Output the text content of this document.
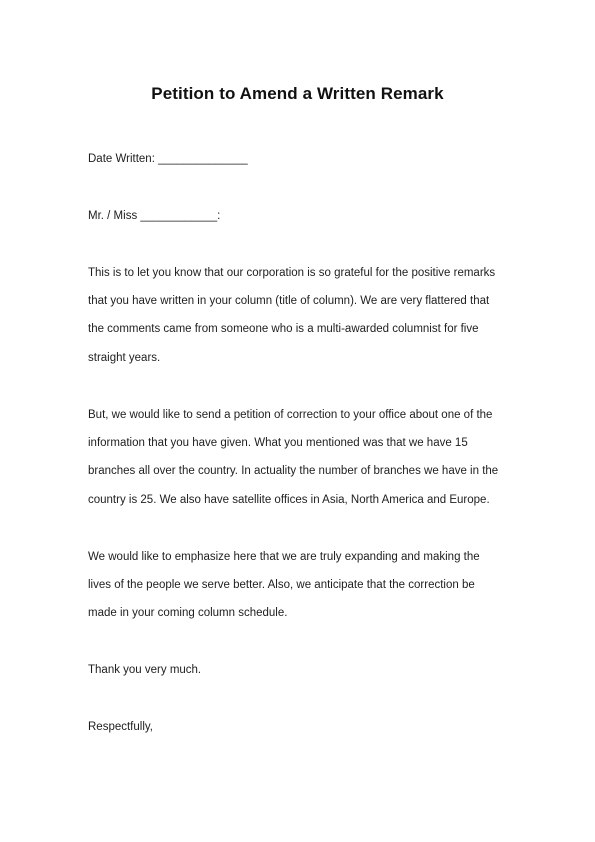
Petition to Amend a Written Remark
Date Written: ______________
Mr. / Miss ____________:
This is to let you know that our corporation is so grateful for the positive remarks
that you have written in your column (title of column). We are very flattered that
the comments came from someone who is a multi-awarded columnist for five
straight years.
But, we would like to send a petition of correction to your office about one of the
information that you have given. What you mentioned was that we have 15
branches all over the country. In actuality the number of branches we have in the
country is 25. We also have satellite offices in Asia, North America and Europe.
We would like to emphasize here that we are truly expanding and making the
lives of the people we serve better. Also, we anticipate that the correction be
made in your coming column schedule.
Thank you very much.
Respectfully,
